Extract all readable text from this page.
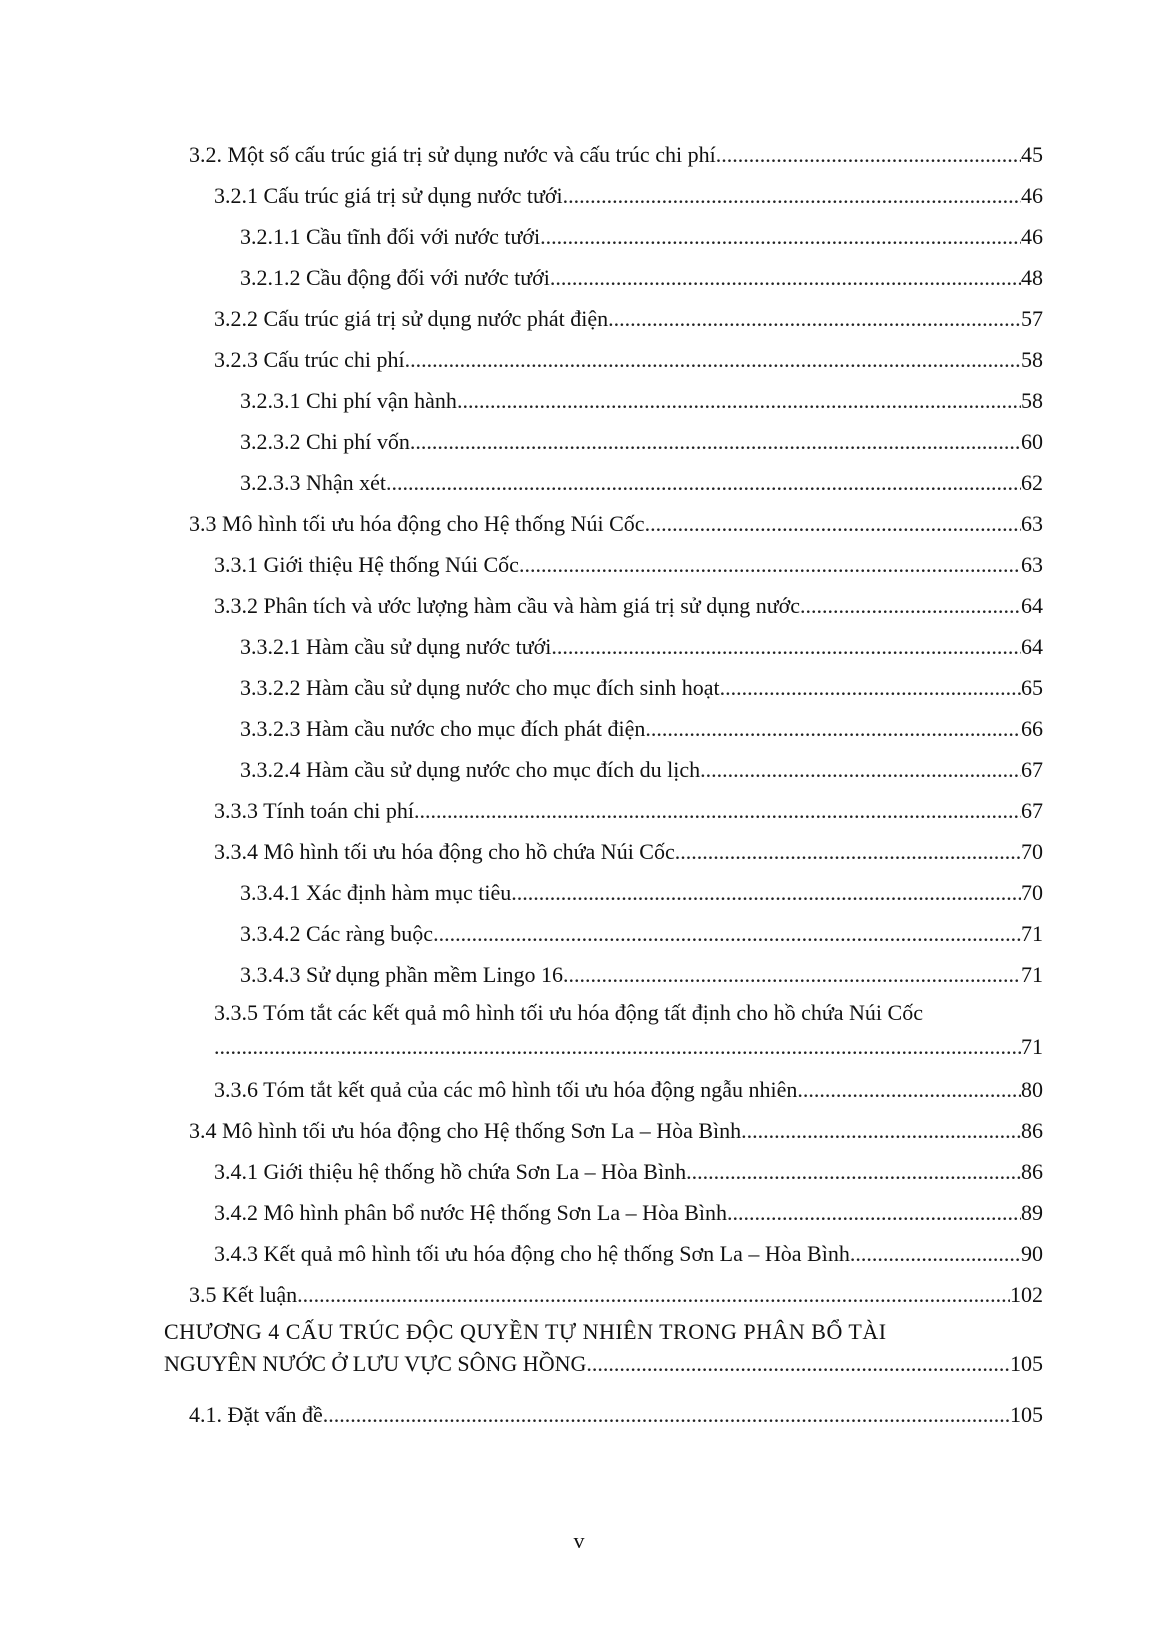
3.2. Một số cấu trúc giá trị sử dụng nước và cấu trúc chi phí .....	45
3.2.1 Cấu trúc giá trị sử dụng nước tưới .....	46
3.2.1.1 Cầu tĩnh đối với nước tưới .....	46
3.2.1.2 Cầu động đối với nước tưới .....	48
3.2.2 Cấu trúc giá trị sử dụng nước phát điện .....	57
3.2.3 Cấu trúc chi phí .....	58
3.2.3.1 Chi phí vận hành .....	58
3.2.3.2 Chi phí vốn .....	60
3.2.3.3 Nhận xét .....	62
3.3 Mô hình tối ưu hóa động cho Hệ thống Núi Cốc .....	63
3.3.1 Giới thiệu Hệ thống Núi Cốc .....	63
3.3.2 Phân tích và ước lượng hàm cầu và hàm giá trị sử dụng nước .....	64
3.3.2.1 Hàm cầu sử dụng nước tưới .....	64
3.3.2.2 Hàm cầu sử dụng nước cho mục đích sinh hoạt .....	65
3.3.2.3 Hàm cầu nước cho mục đích phát điện .....	66
3.3.2.4 Hàm cầu sử dụng nước cho mục đích du lịch .....	67
3.3.3 Tính toán chi phí .....	67
3.3.4 Mô hình tối ưu hóa động cho hồ chứa Núi Cốc .....	70
3.3.4.1 Xác định hàm mục tiêu .....	70
3.3.4.2 Các ràng buộc .....	71
3.3.4.3 Sử dụng phần mềm Lingo 16 .....	71
3.3.5 Tóm tắt các kết quả mô hình tối ưu hóa động tất định cho hồ chứa Núi Cốc
.....
71
3.3.6 Tóm tắt kết quả của các mô hình tối ưu hóa động ngẫu nhiên .....	80
3.4 Mô hình tối ưu hóa động cho Hệ thống Sơn La – Hòa Bình .....	86
3.4.1 Giới thiệu hệ thống hồ chứa Sơn La – Hòa Bình .....	86
3.4.2 Mô hình phân bổ nước Hệ thống Sơn La – Hòa Bình .....	89
3.4.3 Kết quả mô hình tối ưu hóa động cho hệ thống Sơn La – Hòa Bình .....	90
3.5 Kết luận .....	102
CHƯƠNG 4 CẤU TRÚC ĐỘC QUYỀN TỰ NHIÊN TRONG PHÂN BỔ TÀI
NGUYÊN NƯỚC Ở LƯU VỰC SÔNG HỒNG .....	105
4.1. Đặt vấn đề .....	105
v
